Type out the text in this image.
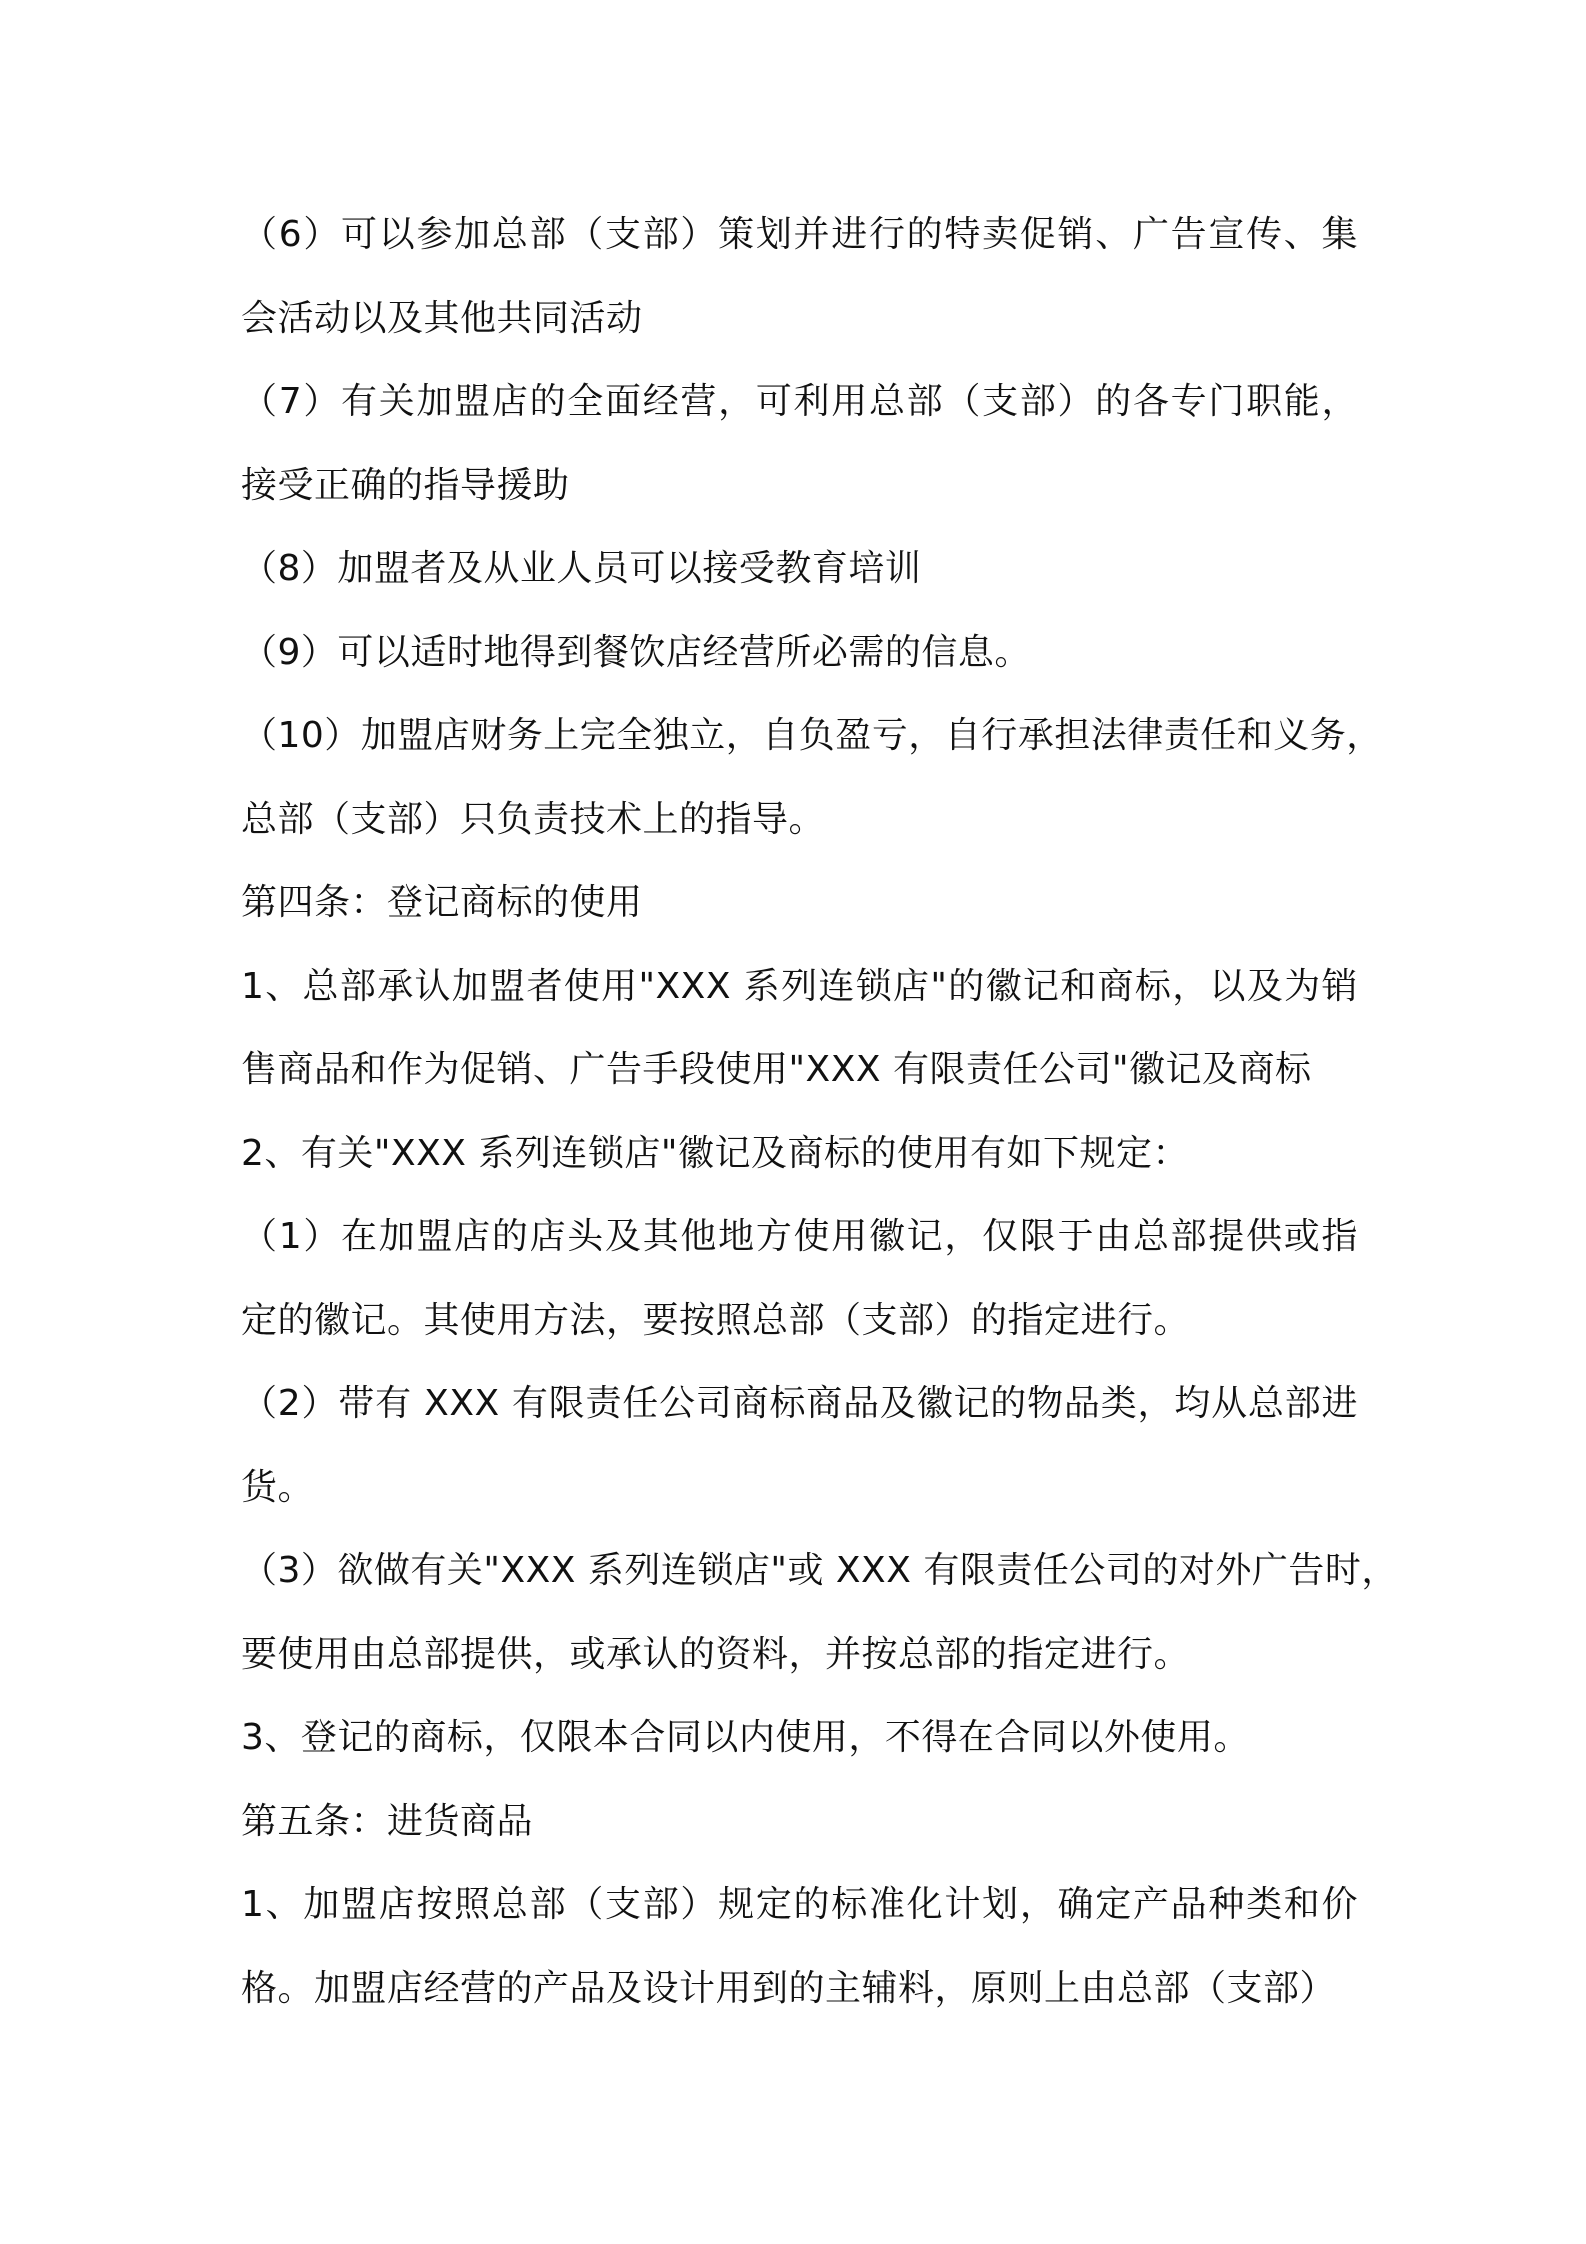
（6）可以参加总部（支部）策划并进行的特卖促销、广告宣传、集
会活动以及其他共同活动
（7）有关加盟店的全面经营，可利用总部（支部）的各专门职能，
接受正确的指导援助
（8）加盟者及从业人员可以接受教育培训
（9）可以适时地得到餐饮店经营所必需的信息。
（10）加盟店财务上完全独立，自负盈亏，自行承担法律责任和义务，
总部（支部）只负责技术上的指导。
第四条：登记商标的使用
1、总部承认加盟者使用"XXX 系列连锁店"的徽记和商标，以及为销
售商品和作为促销、广告手段使用"XXX 有限责任公司"徽记及商标
2、有关"XXX 系列连锁店"徽记及商标的使用有如下规定：
（1）在加盟店的店头及其他地方使用徽记，仅限于由总部提供或指
定的徽记。其使用方法，要按照总部（支部）的指定进行。
（2）带有 XXX 有限责任公司商标商品及徽记的物品类，均从总部进
货。
（3）欲做有关"XXX 系列连锁店"或 XXX 有限责任公司的对外广告时，
要使用由总部提供，或承认的资料，并按总部的指定进行。
3、登记的商标，仅限本合同以内使用，不得在合同以外使用。
第五条：进货商品
1、加盟店按照总部（支部）规定的标准化计划，确定产品种类和价
格。加盟店经营的产品及设计用到的主辅料，原则上由总部（支部）
